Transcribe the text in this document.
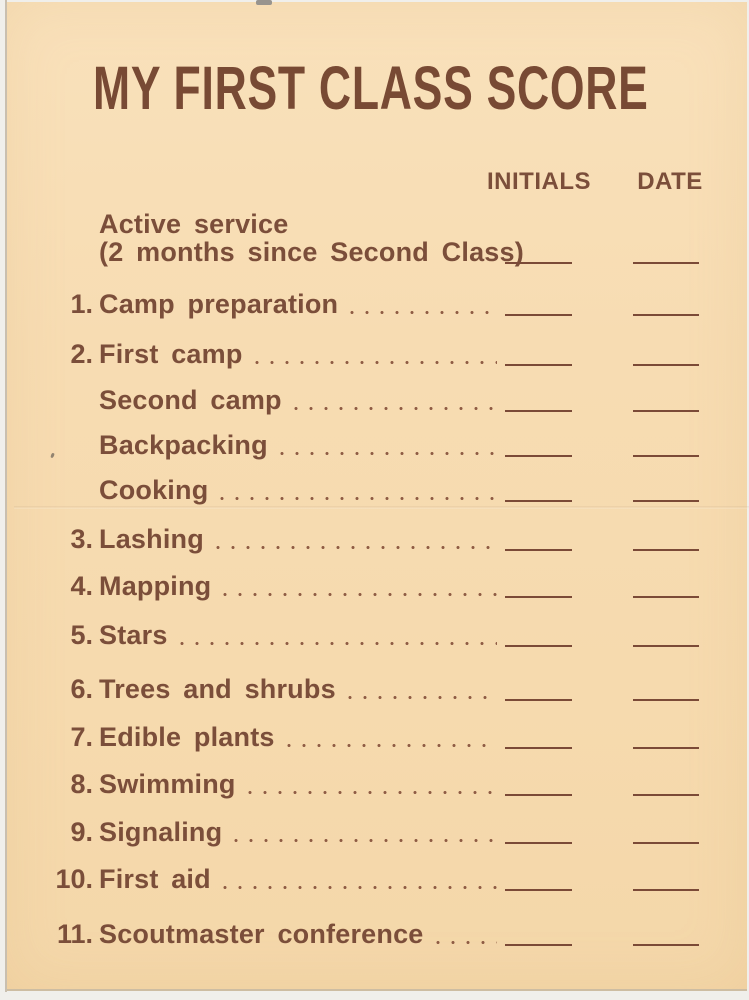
MY FIRST CLASS SCORE
INITIALS DATE
Active service
(2 months since Second Class)
1. Camp preparation
2. First camp
Second camp
Backpacking
Cooking
3. Lashing
4. Mapping
5. Stars
6. Trees and shrubs
7. Edible plants
8. Swimming
9. Signaling
10. First aid
11. Scoutmaster conference
